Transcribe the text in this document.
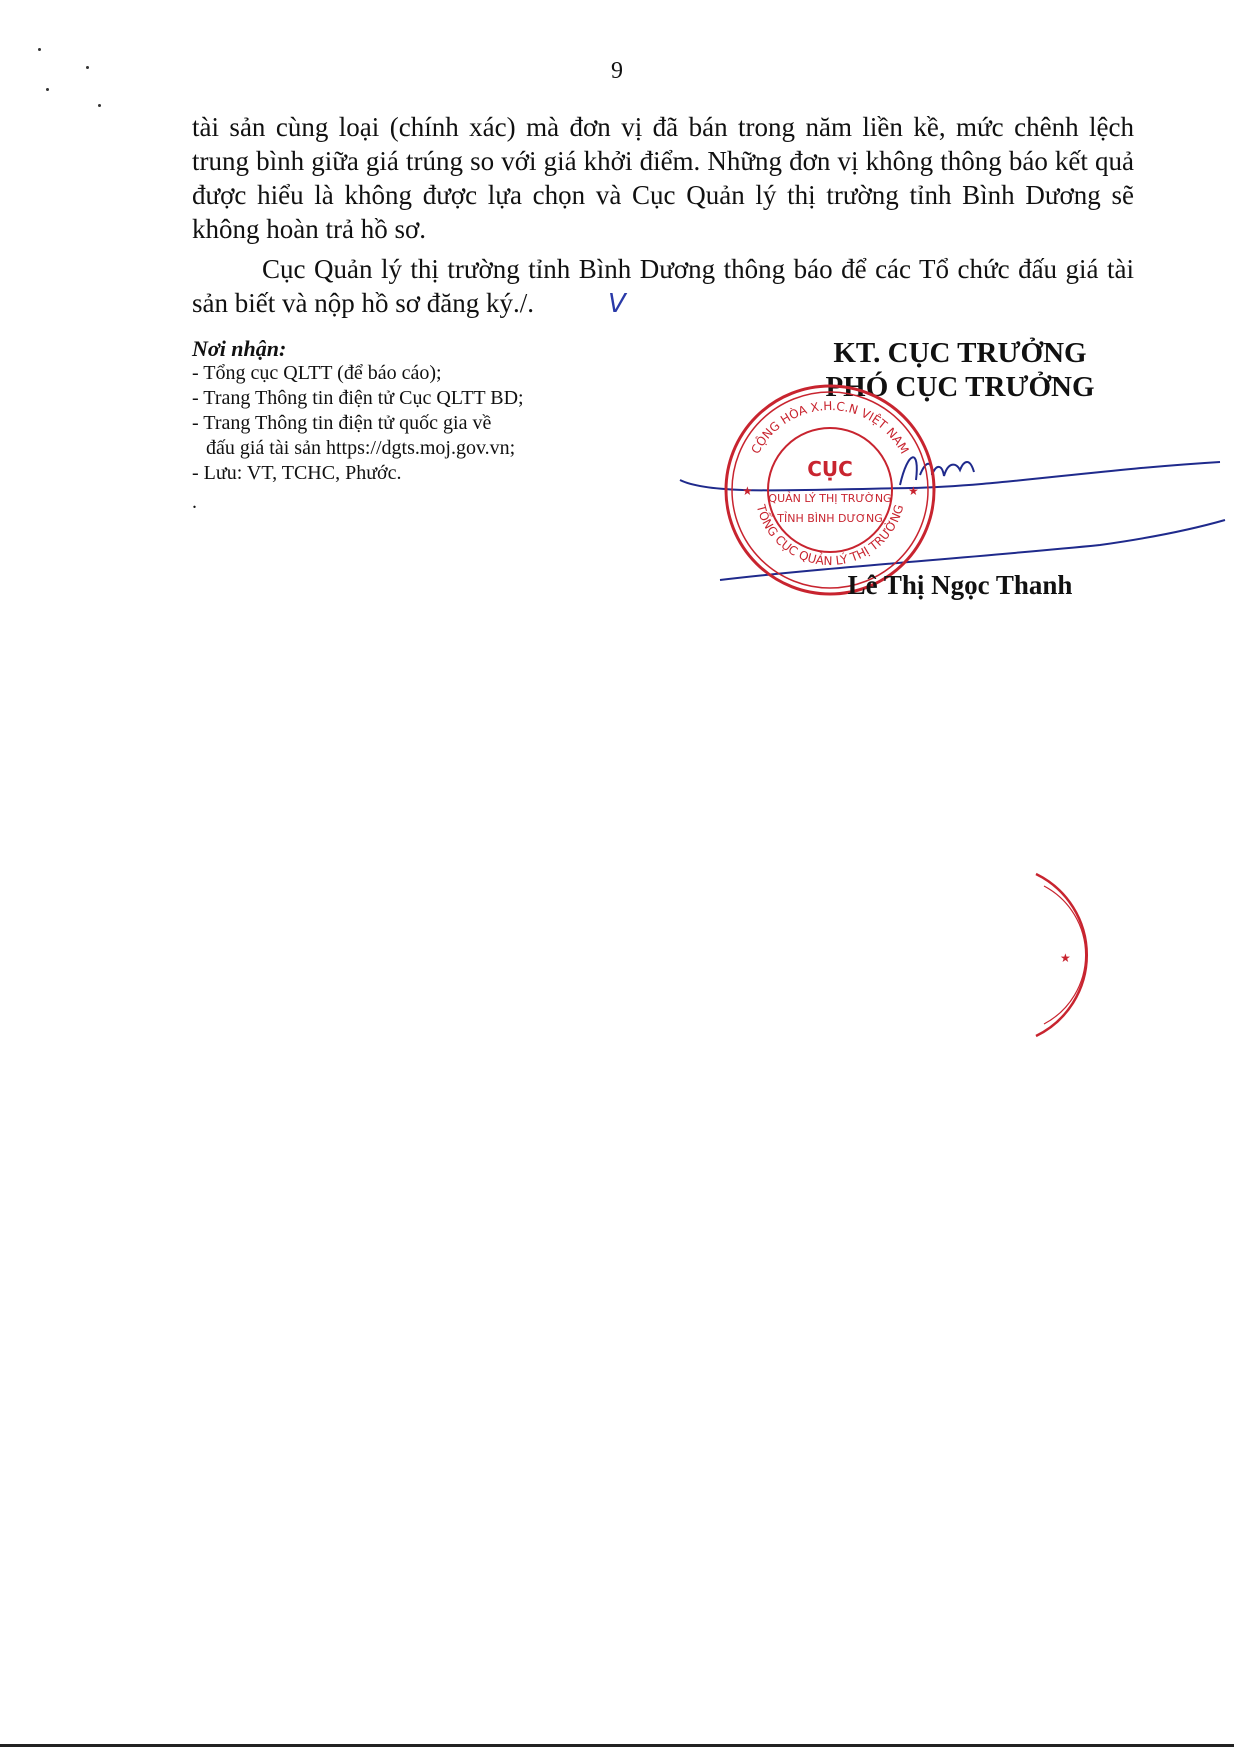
9

tài sản cùng loại (chính xác) mà đơn vị đã bán trong năm liền kề, mức chênh lệch trung bình giữa giá trúng so với giá khởi điểm. Những đơn vị không thông báo kết quả được hiểu là không được lựa chọn và Cục Quản lý thị trường tỉnh Bình Dương sẽ không hoàn trả hồ sơ.

Cục Quản lý thị trường tỉnh Bình Dương thông báo để các Tổ chức đấu giá tài sản biết và nộp hồ sơ đăng ký./.	V

Nơi nhận:
- Tổng cục QLTT (để báo cáo);
- Trang Thông tin điện tử Cục QLTT BD;
- Trang Thông tin điện tử quốc gia về
đấu giá tài sản https://dgts.moj.gov.vn;
- Lưu: VT, TCHC, Phước.
.
KT. CỤC TRƯỞNG
PHÓ CỤC TRƯỞNG
CỘNG HÒA X.H.C.N VIỆT NAM
TỔNG CỤC QUẢN LÝ THỊ TRƯỜNG
CỤC
QUẢN LÝ THỊ TRƯỜNG
TỈNH BÌNH DƯƠNG
★	★
★
Lê Thị Ngọc Thanh
